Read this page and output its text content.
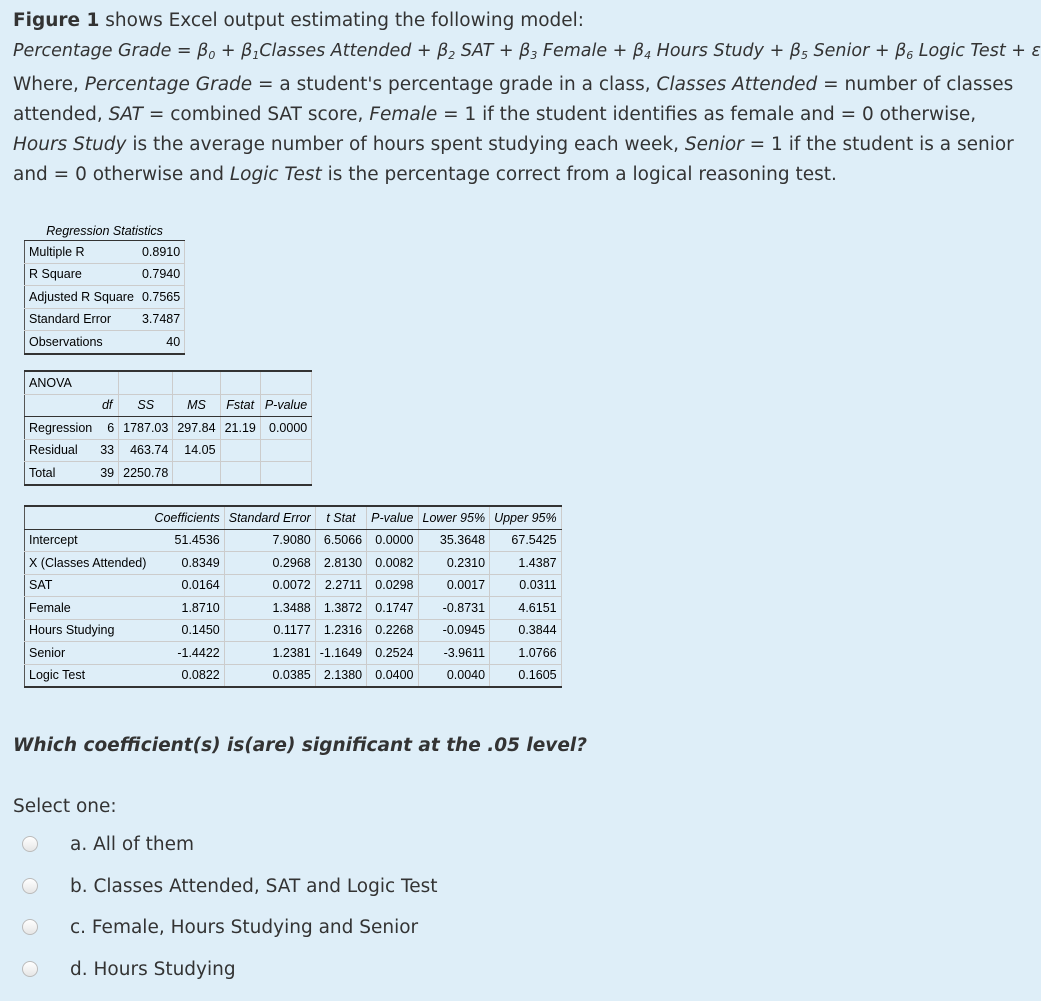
Figure 1 shows Excel output estimating the following model:

Percentage Grade = $\beta_0$ + $\beta_1Classes$ Attended + $\beta_2$ SAT + $\beta_3$ Female + $\beta_4$ Hours Study + $\beta_5$ Senior + $\beta_6$ Logic Test + ε

Where, Percentage Grade = a student's percentage grade in a class, Classes Attended = number of classes attended, SAT = combined SAT score, Female = 1 if the student identifies as female and = 0 otherwise, Hours Study is the average number of hours spent studying each week, Senior = 1 if the student is a senior and = 0 otherwise and Logic Test is the percentage correct from a logical reasoning test.

Regression Statistics	
Multiple R	0.8910
R Square	0.7940
Adjusted R Square	0.7565
Standard Error	3.7487
Observations	40
ANOVA					
	df	SS	MS	Fstat	P-value
Regression	6	1787.03	297.84	21.19	0.0000
Residual	33	463.74	14.05		
Total	39	2250.78			
	Coefficients	Standard Error	t Stat	P-value	Lower 95%	Upper 95%
Intercept	51.4536	7.9080	6.5066	0.0000	35.3648	67.5425
X (Classes Attended)	0.8349	0.2968	2.8130	0.0082	0.2310	1.4387
SAT	0.0164	0.0072	2.2711	0.0298	0.0017	0.0311
Female	1.8710	1.3488	1.3872	0.1747	-0.8731	4.6151
Hours Studying	0.1450	0.1177	1.2316	0.2268	-0.0945	0.3844
Senior	-1.4422	1.2381	-1.1649	0.2524	-3.9611	1.0766
Logic Test	0.0822	0.0385	2.1380	0.0400	0.0040	0.1605
Which coefficient(s) is(are) significant at the .05 level?
Select one:
a. All of them
b. Classes Attended, SAT and Logic Test
c. Female, Hours Studying and Senior
d. Hours Studying
